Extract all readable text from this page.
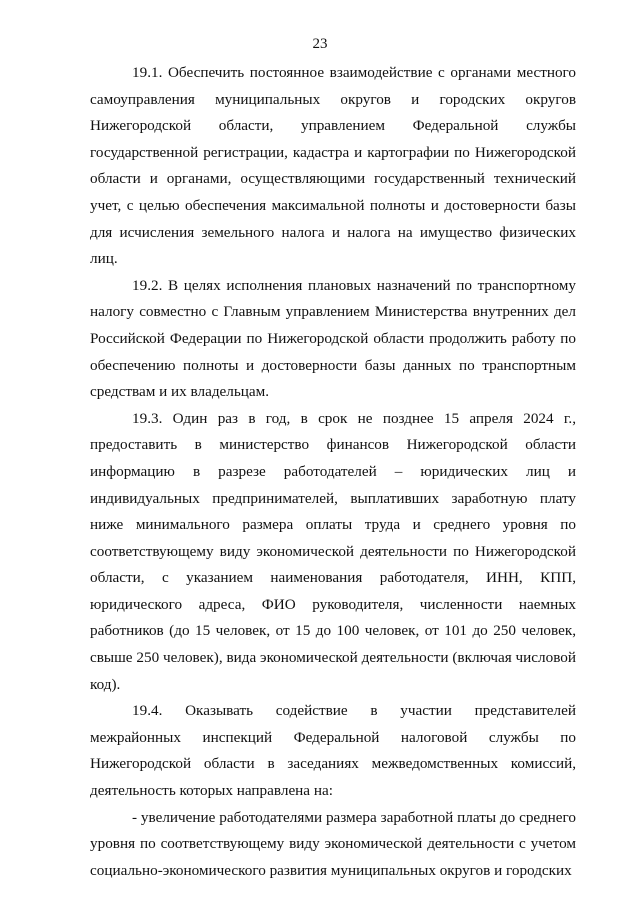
23

19.1. Обеспечить постоянное взаимодействие с органами местного самоуправления муниципальных округов и городских округов Нижегородской области, управлением Федеральной службы государственной регистрации, кадастра и картографии по Нижегородской области и органами, осуществляющими государственный технический учет, с целью обеспечения максимальной полноты и достоверности базы для исчисления земельного налога и налога на имущество физических лиц.

19.2. В целях исполнения плановых назначений по транспортному налогу совместно с Главным управлением Министерства внутренних дел Российской Федерации по Нижегородской области продолжить работу по обеспечению полноты и достоверности базы данных по транспортным средствам и их владельцам.

19.3. Один раз в год, в срок не позднее 15 апреля 2024 г., предоставить в министерство финансов Нижегородской области информацию в разрезе работодателей – юридических лиц и индивидуальных предпринимателей, выплативших заработную плату ниже минимального размера оплаты труда и среднего уровня по соответствующему виду экономической деятельности по Нижегородской области, с указанием наименования работодателя, ИНН, КПП, юридического адреса, ФИО руководителя, численности наемных работников (до 15 человек, от 15 до 100 человек, от 101 до 250 человек, свыше 250 человек), вида экономической деятельности (включая числовой код).

19.4. Оказывать содействие в участии представителей межрайонных инспекций Федеральной налоговой службы по Нижегородской области в заседаниях межведомственных комиссий, деятельность которых направлена на:

- увеличение работодателями размера заработной платы до среднего уровня по соответствующему виду экономической деятельности с учетом социально-экономического развития муниципальных округов и городских
